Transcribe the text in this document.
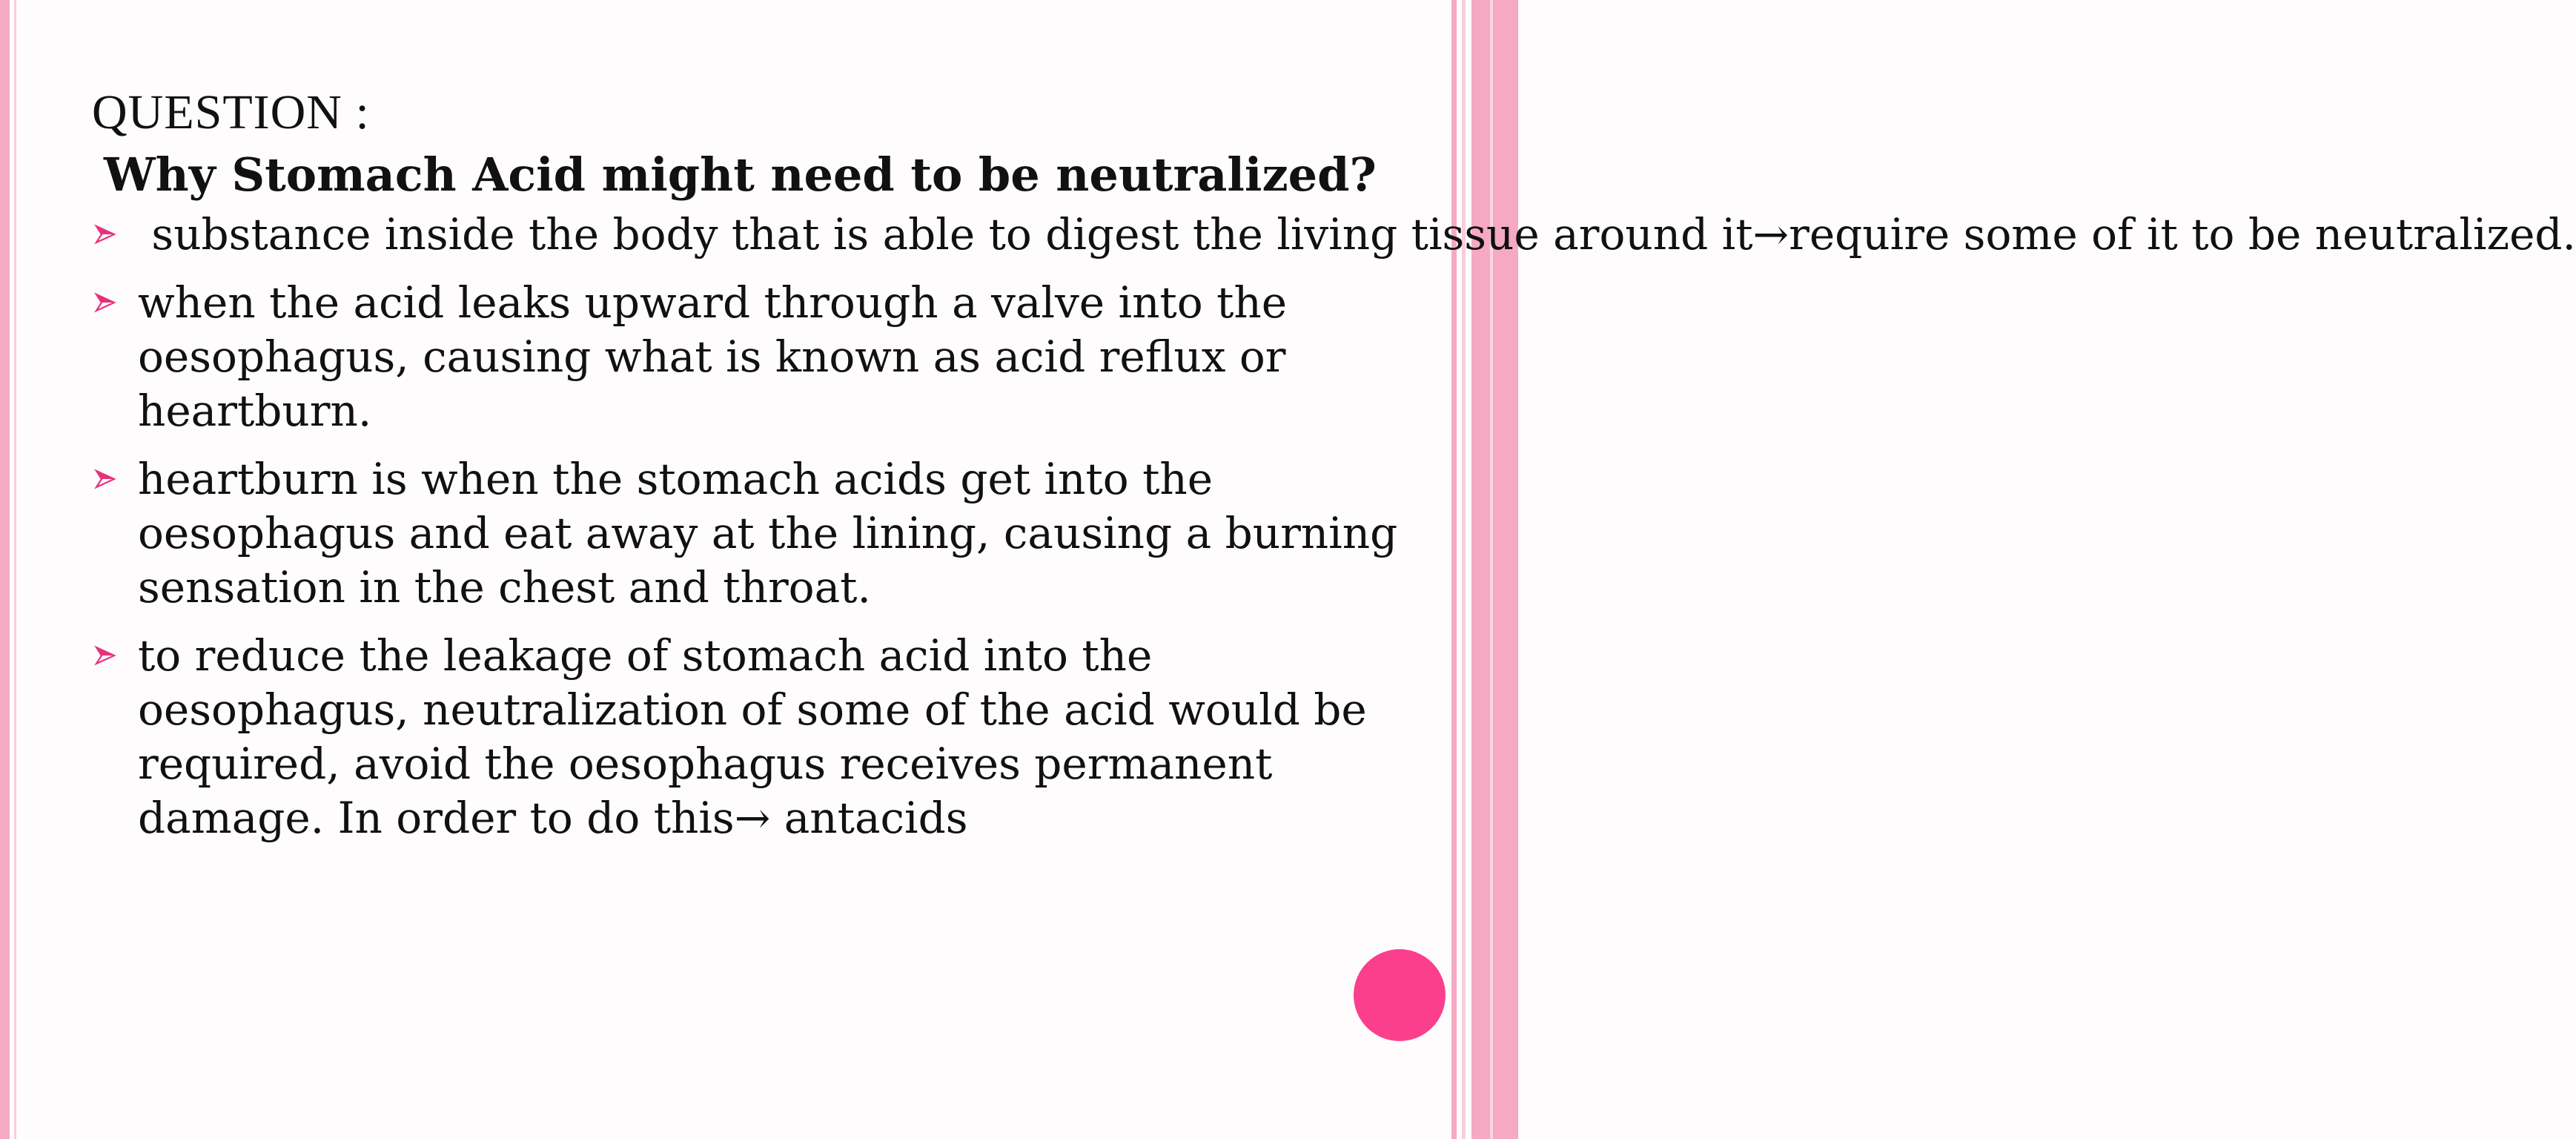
QUESTION :

Why Stomach Acid might need to be neutralized?

substance inside the body that is able to digest the living tissue around it→require some of it to be neutralized.
when the acid leaks upward through a valve into the oesophagus, causing what is known as acid reflux or heartburn.
heartburn is when the stomach acids get into the oesophagus and eat away at the lining, causing a burning sensation in the chest and throat.
to reduce the leakage of stomach acid into the oesophagus, neutralization of some of the acid would be required, avoid the oesophagus receives permanent damage. In order to do this→ antacids
